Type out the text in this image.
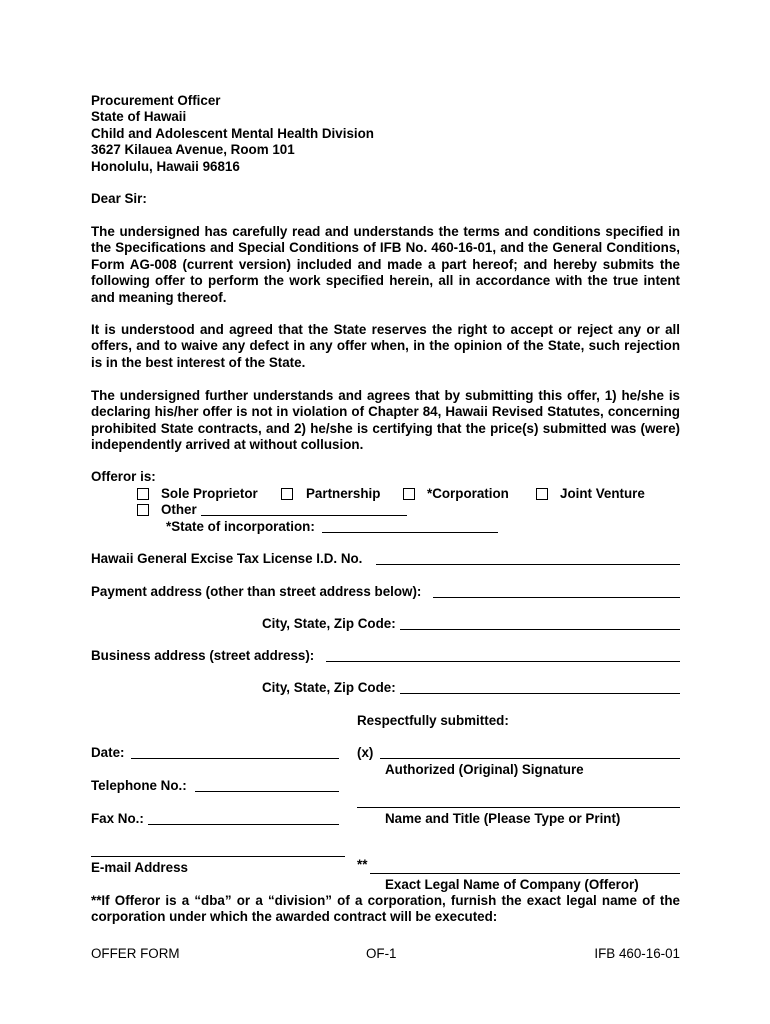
Procurement Officer
State of Hawaii
Child and Adolescent Mental Health Division
3627 Kilauea Avenue, Room 101
Honolulu, Hawaii 96816
Dear Sir:
The undersigned has carefully read and understands the terms and conditions specified in the Specifications and Special Conditions of IFB No. 460-16-01, and the General Conditions, Form AG-008 (current version) included and made a part hereof; and hereby submits the following offer to perform the work specified herein, all in accordance with the true intent and meaning thereof.
It is understood and agreed that the State reserves the right to accept or reject any or all offers, and to waive any defect in any offer when, in the opinion of the State, such rejection is in the best interest of the State.
The undersigned further understands and agrees that by submitting this offer, 1) he/she is declaring his/her offer is not in violation of Chapter 84, Hawaii Revised Statutes, concerning prohibited State contracts, and 2) he/she is certifying that the price(s) submitted was (were) independently arrived at without collusion.
Offeror is:
Sole Proprietor	Partnership	*Corporation	Joint Venture
Other
*State of incorporation:
Hawaii General Excise Tax License I.D. No.
Payment address (other than street address below):
City, State, Zip Code:
Business address (street address):
City, State, Zip Code:
Respectfully submitted:
Date:	(x)
Authorized (Original) Signature
Telephone No.:
Fax No.:	Name and Title (Please Type or Print)
E-mail Address	**
Exact Legal Name of Company (Offeror)
**If Offeror is a “dba” or a “division” of a corporation, furnish the exact legal name of the corporation under which the awarded contract will be executed:
OFFER FORM	OF-1	IFB 460-16-01
